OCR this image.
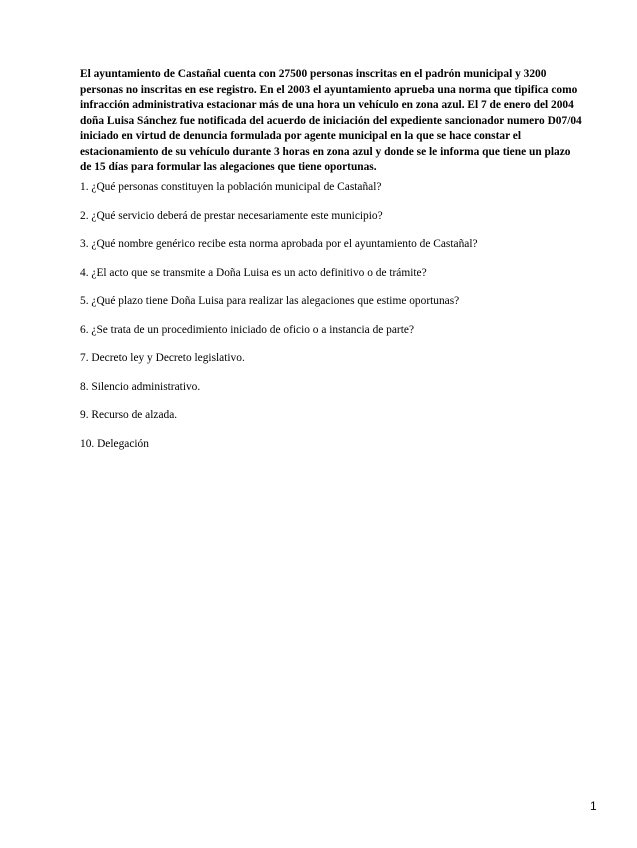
El ayuntamiento de Castañal cuenta con 27500 personas inscritas en el padrón municipal y 3200
personas no inscritas en ese registro. En el 2003 el ayuntamiento aprueba una norma que tipifica como
infracción administrativa estacionar más de una hora un vehículo en zona azul. El 7 de enero del 2004
doña Luisa Sánchez fue notificada del acuerdo de iniciación del expediente sancionador numero D07/04
iniciado en virtud de denuncia formulada por agente municipal en la que se hace constar el
estacionamiento de su vehículo durante 3 horas en zona azul y donde se le informa que tiene un plazo
de 15 días para formular las alegaciones que tiene oportunas.

1. ¿Qué personas constituyen la población municipal de Castañal?
2. ¿Qué servicio deberá de prestar necesariamente este municipio?
3. ¿Qué nombre genérico recibe esta norma aprobada por el ayuntamiento de Castañal?
4. ¿El acto que se transmite a Doña Luisa es un acto definitivo o de trámite?
5. ¿Qué plazo tiene Doña Luisa para realizar las alegaciones que estime oportunas?
6. ¿Se trata de un procedimiento iniciado de oficio o a instancia de parte?
7. Decreto ley y Decreto legislativo.
8. Silencio administrativo.
9. Recurso de alzada.
10. Delegación
1
